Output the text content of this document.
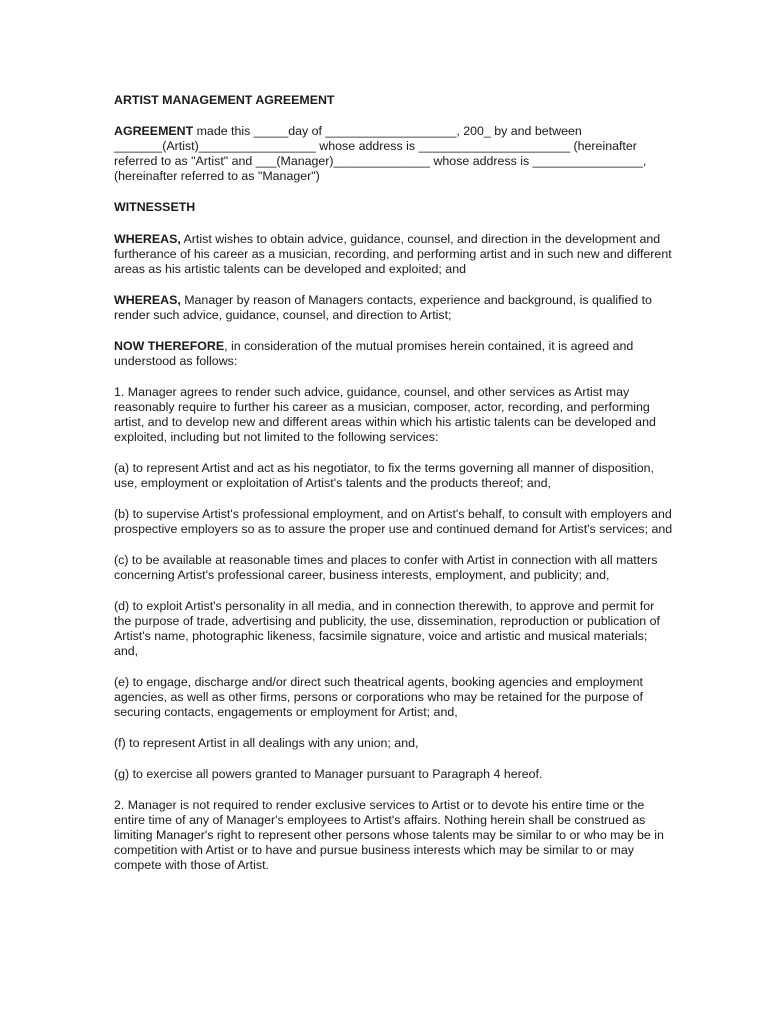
ARTIST MANAGEMENT AGREEMENT

AGREEMENT made this _____day of ___________________, 200_ by and between _______(Artist)_________________ whose address is ______________________ (hereinafter referred to as "Artist" and ___(Manager)______________ whose address is ________________, (hereinafter referred to as "Manager")

WITNESSETH

WHEREAS, Artist wishes to obtain advice, guidance, counsel, and direction in the development and furtherance of his career as a musician, recording, and performing artist and in such new and different areas as his artistic talents can be developed and exploited; and

WHEREAS, Manager by reason of Managers contacts, experience and background, is qualified to render such advice, guidance, counsel, and direction to Artist;

NOW THEREFORE, in consideration of the mutual promises herein contained, it is agreed and understood as follows:

1. Manager agrees to render such advice, guidance, counsel, and other services as Artist may reasonably require to further his career as a musician, composer, actor, recording, and performing artist, and to develop new and different areas within which his artistic talents can be developed and exploited, including but not limited to the following services:

(a) to represent Artist and act as his negotiator, to fix the terms governing all manner of disposition, use, employment or exploitation of Artist's talents and the products thereof; and,

(b) to supervise Artist's professional employment, and on Artist's behalf, to consult with employers and prospective employers so as to assure the proper use and continued demand for Artist's services; and

(c) to be available at reasonable times and places to confer with Artist in connection with all matters concerning Artist's professional career, business interests, employment, and publicity; and,

(d) to exploit Artist's personality in all media, and in connection therewith, to approve and permit for the purpose of trade, advertising and publicity, the use, dissemination, reproduction or publication of Artist's name, photographic likeness, facsimile signature, voice and artistic and musical materials; and,

(e) to engage, discharge and/or direct such theatrical agents, booking agencies and employment agencies, as well as other firms, persons or corporations who may be retained for the purpose of securing contacts, engagements or employment for Artist; and,

(f) to represent Artist in all dealings with any union; and,

(g) to exercise all powers granted to Manager pursuant to Paragraph 4 hereof.

2. Manager is not required to render exclusive services to Artist or to devote his entire time or the entire time of any of Manager's employees to Artist's affairs. Nothing herein shall be construed as limiting Manager's right to represent other persons whose talents may be similar to or who may be in competition with Artist or to have and pursue business interests which may be similar to or may compete with those of Artist.
